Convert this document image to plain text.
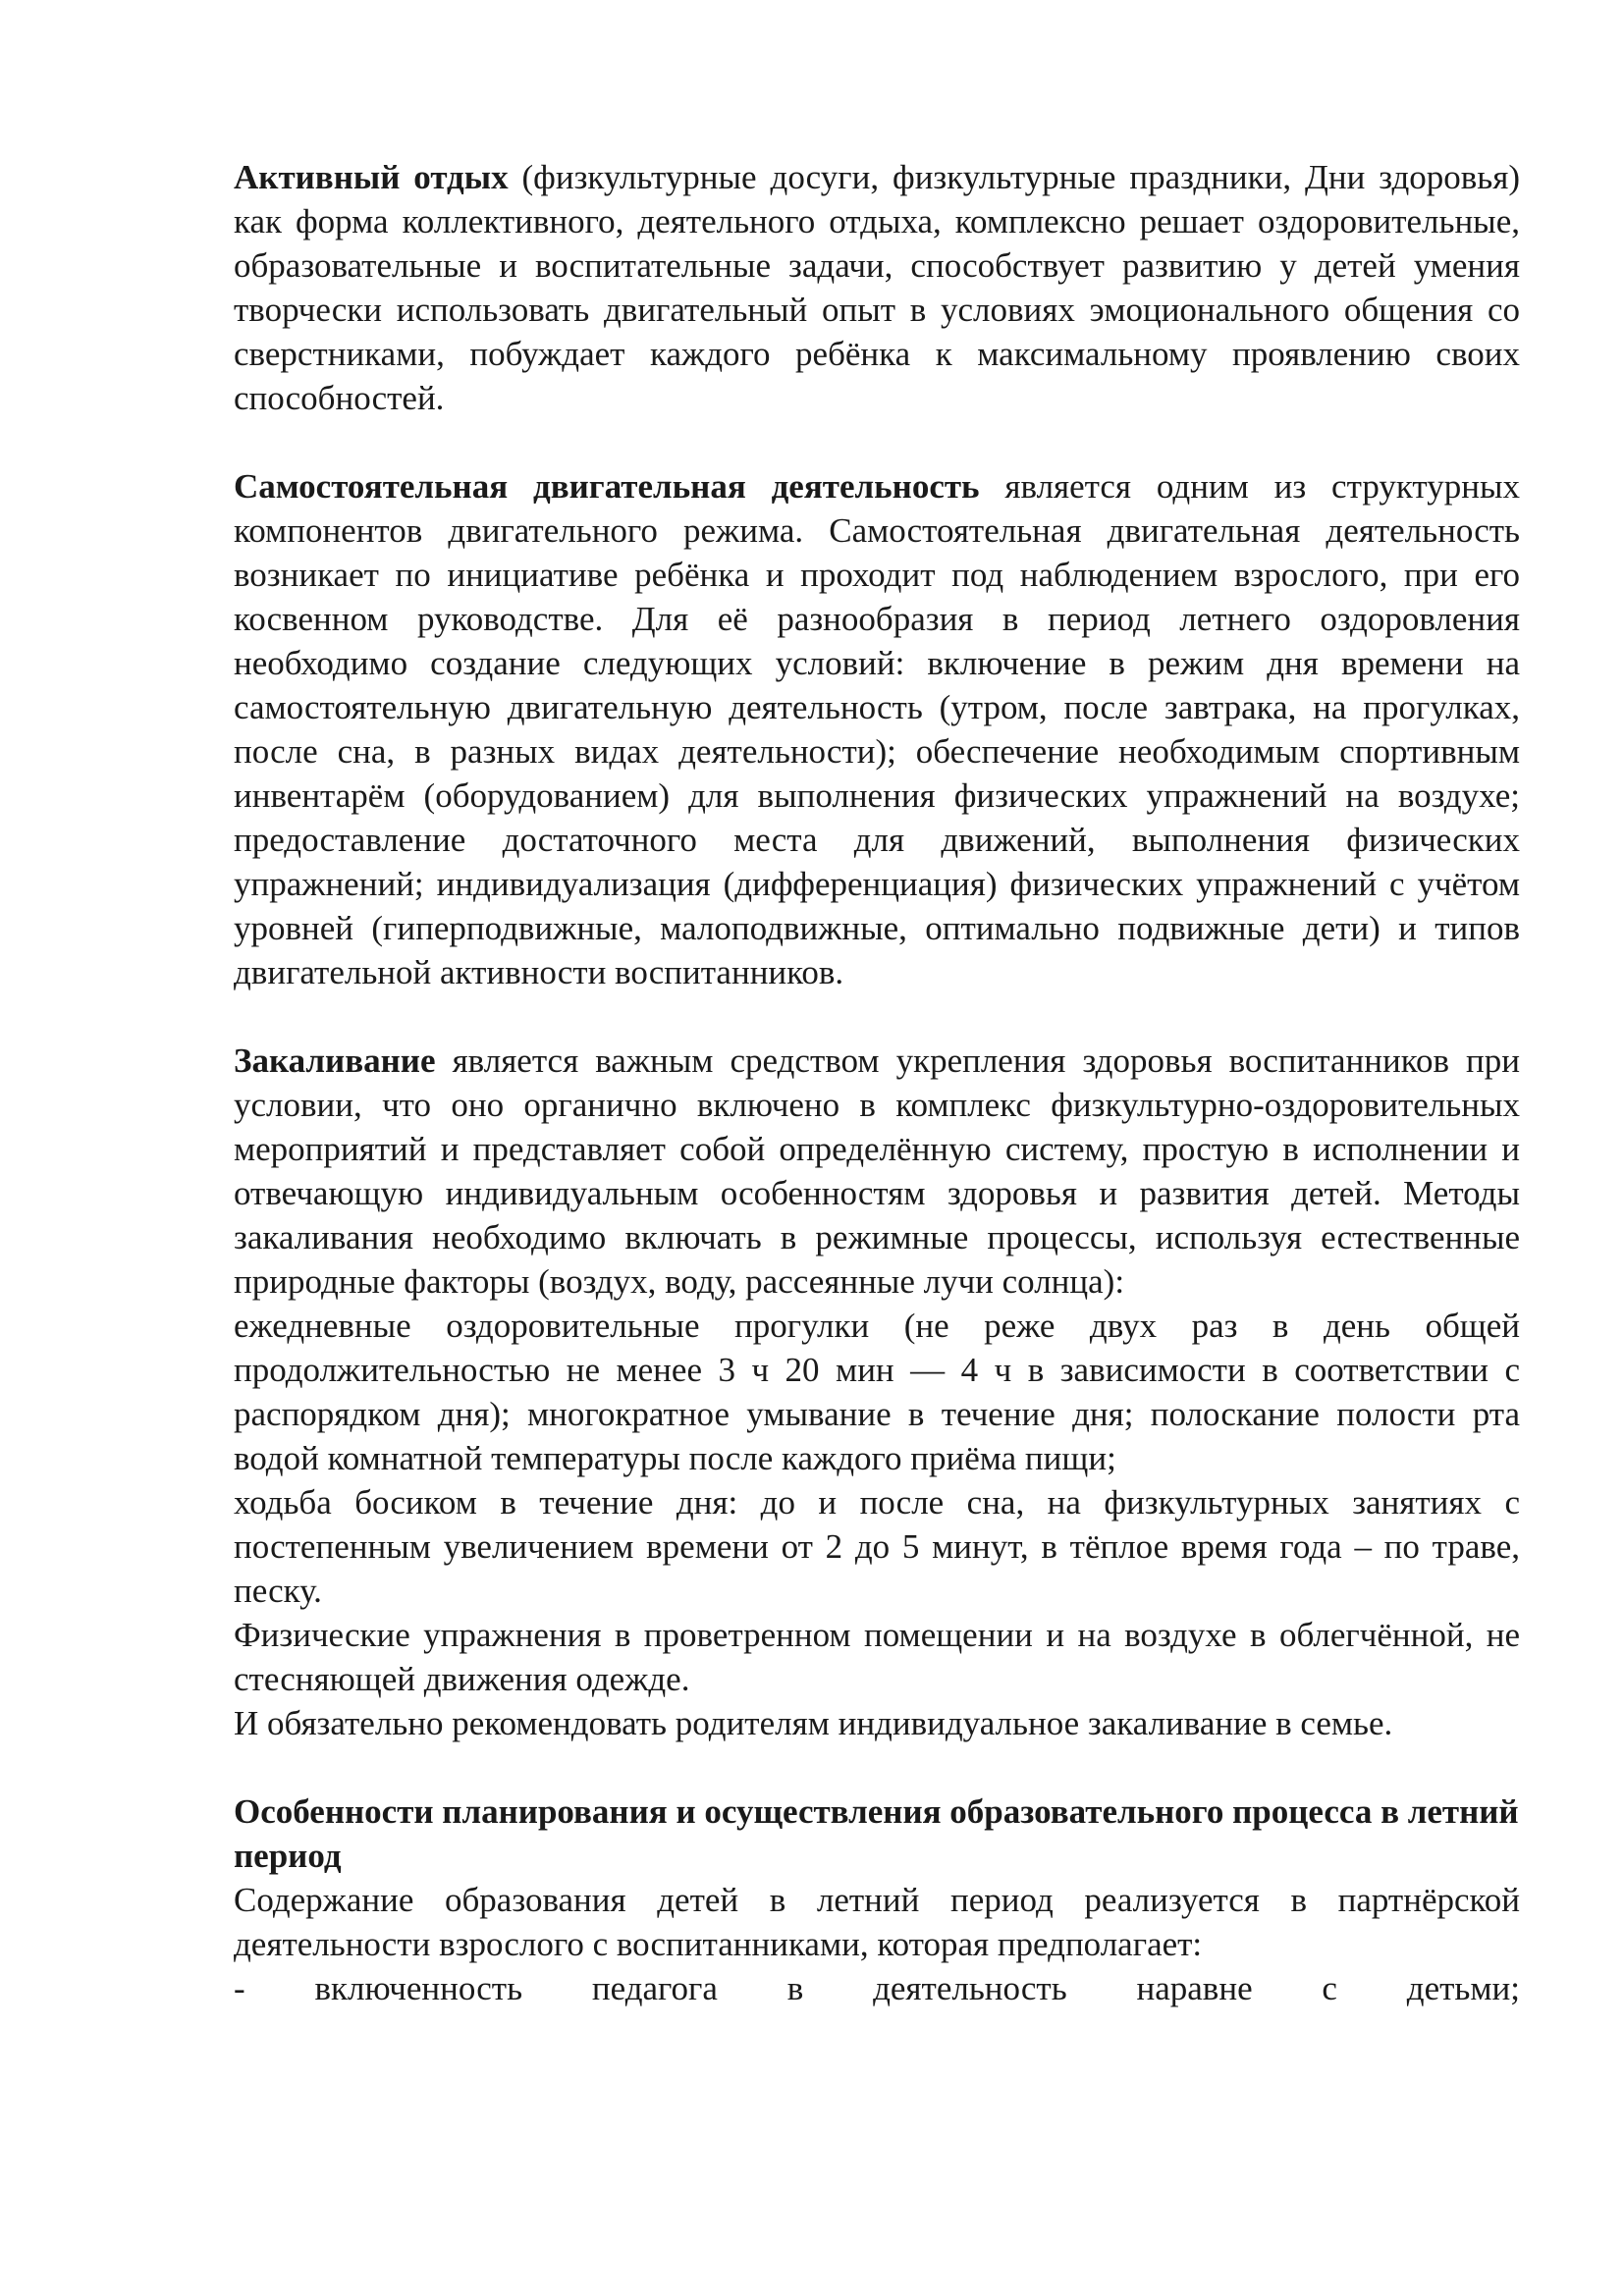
Активный отдых (физкультурные досуги, физкультурные праздники, Дни здоровья) как форма коллективного, деятельного отдыха, комплексно решает оздоровительные, образовательные и воспитательные задачи, способствует развитию у детей умения творчески использовать двигательный опыт в условиях эмоционального общения со сверстниками, побуждает каждого ребёнка к максимальному проявлению своих способностей.

Самостоятельная двигательная деятельность является одним из структурных компонентов двигательного режима. Самостоятельная двигательная деятельность возникает по инициативе ребёнка и проходит под наблюдением взрослого, при его косвенном руководстве. Для её разнообразия в период летнего оздоровления необходимо создание следующих условий: включение в режим дня времени на самостоятельную двигательную деятельность (утром, после завтрака, на прогулках, после сна, в разных видах деятельности); обеспечение необходимым спортивным инвентарём (оборудованием) для выполнения физических упражнений на воздухе; предоставление достаточного места для движений, выполнения физических упражнений; индивидуализация (дифференциация) физических упражнений с учётом уровней (гиперподвижные, малоподвижные, оптимально подвижные дети) и типов двигательной активности воспитанников.

Закаливание является важным средством укрепления здоровья воспитанников при условии, что оно органично включено в комплекс физкультурно-оздоровительных мероприятий и представляет собой определённую систему, простую в исполнении и отвечающую индивидуальным особенностям здоровья и развития детей. Методы закаливания необходимо включать в режимные процессы, используя естественные природные факторы (воздух, воду, рассеянные лучи солнца):

ежедневные оздоровительные прогулки (не реже двух раз в день общей продолжительностью не менее 3 ч 20 мин — 4 ч в зависимости в соответствии с распорядком дня); многократное умывание в течение дня; полоскание полости рта водой комнатной температуры после каждого приёма пищи;

ходьба босиком в течение дня: до и после сна, на физкультурных занятиях с постепенным увеличением времени от 2 до 5 минут, в тёплое время года – по траве, песку.

Физические упражнения в проветренном помещении и на воздухе в облегчённой, не стесняющей движения одежде.

И обязательно рекомендовать родителям индивидуальное закаливание в семье.

Особенности планирования и осуществления образовательного процесса в летний период

Содержание образования детей в летний период реализуется в партнёрской деятельности взрослого с воспитанниками, которая предполагает:

- включенность педагога в деятельность наравне с детьми;
